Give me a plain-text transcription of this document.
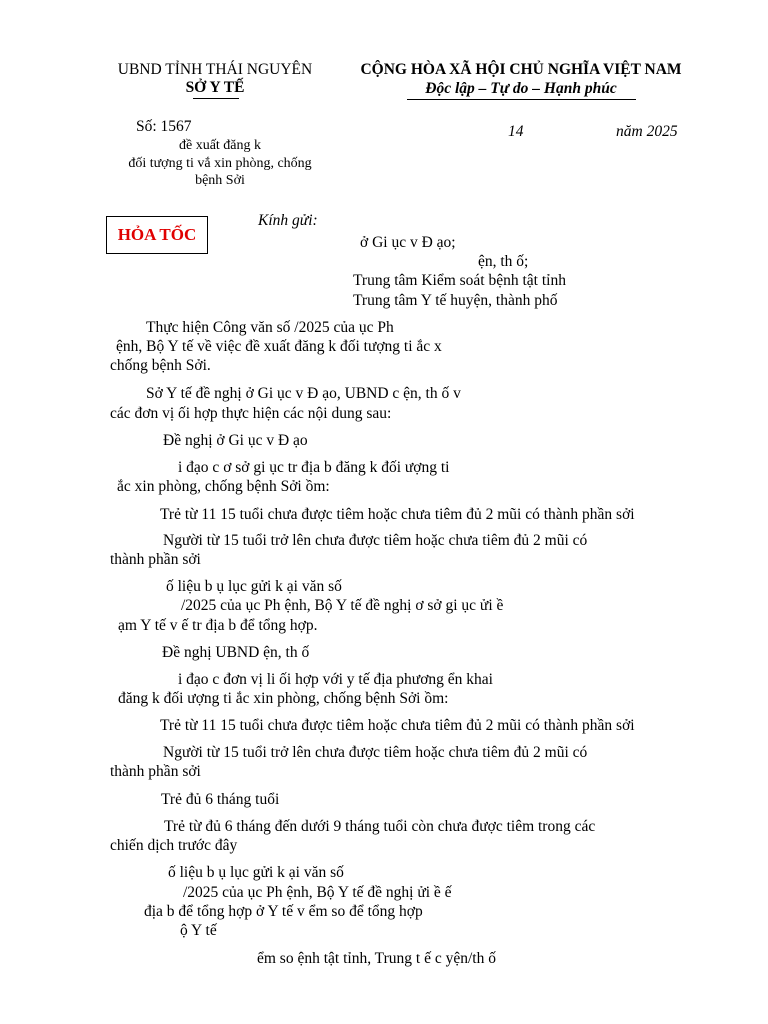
UBND TỈNH THÁI NGUYÊN
SỞ Y TẾ
CỘNG HÒA XÃ HỘI CHỦ NGHĨA VIỆT NAM
Độc lập – Tự do – Hạnh phúc
Số: 1567
đề xuất đăng k
đối tượng ti vắ xin phòng, chống
bệnh Sởi
14	năm 2025
HỎA TỐC
Kính gửi:
ở Gi ục v Đ ạo;
ện, th ố;
Trung tâm Kiểm soát bệnh tật tỉnh
Trung tâm Y tế huyện, thành phố
Thực hiện Công văn số /2025 của ục Ph
ệnh, Bộ Y tế về việc đề xuất đăng k đối tượng ti ắc x
chống bệnh Sởi.
Sở Y tế đề nghị ở Gi ục v Đ ạo, UBND c ện, th ố v
các đơn vị ối hợp thực hiện các nội dung sau:
Đề nghị ở Gi ục v Đ ạo
i đạo c ơ sở gi ục tr địa b đăng k đối ượng ti
ắc xin phòng, chống bệnh Sởi ồm:
Trẻ từ 11 15 tuổi chưa được tiêm hoặc chưa tiêm đủ 2 mũi có thành phần sởi
Người từ 15 tuổi trở lên chưa được tiêm hoặc chưa tiêm đủ 2 mũi có
thành phần sởi
ố liệu b ụ lục gửi k ại văn số
/2025 của ục Ph ệnh, Bộ Y tế đề nghị ơ sở gi ục ửi ề
ạm Y tế v ế tr địa b để tổng hợp.
Đề nghị UBND ện, th ố
i đạo c đơn vị li ối hợp với y tế địa phương ển khai
đăng k đối ượng ti ắc xin phòng, chống bệnh Sởi ồm:
Trẻ từ 11 15 tuổi chưa được tiêm hoặc chưa tiêm đủ 2 mũi có thành phần sởi
Người từ 15 tuổi trở lên chưa được tiêm hoặc chưa tiêm đủ 2 mũi có
thành phần sởi
Trẻ đủ 6 tháng tuổi
Trẻ từ đủ 6 tháng đến dưới 9 tháng tuổi còn chưa được tiêm trong các
chiến dịch trước đây
ố liệu b ụ lục gửi k ại văn số
/2025 của ục Ph ệnh, Bộ Y tế đề nghị ửi ề ế
địa b để tổng hợp ở Y tế v ểm so để tổng hợp
ộ Y tế
ểm so ệnh tật tỉnh, Trung t ế c yện/th ố
